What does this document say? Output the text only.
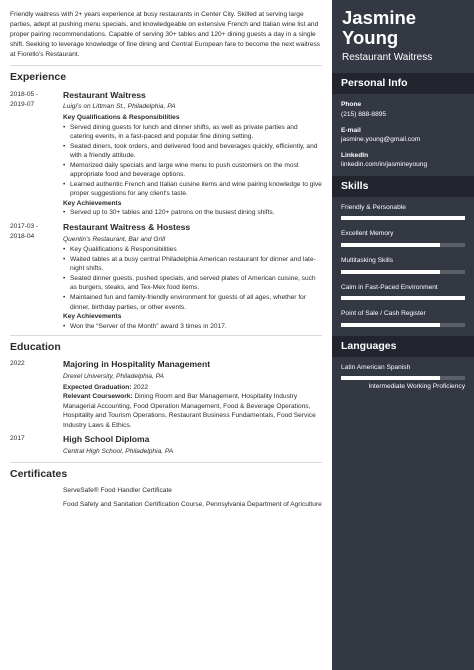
Friendly waitress with 2+ years experience at busy restaurants in Center City. Skilled at serving large parties, adept at pushing menu specials, and knowledgeable on extensive French and Italian wine list and proper pairing recommendations. Capable of serving 30+ tables and 120+ dining guests a day in a single shift. Seeking to leverage knowledge of fine dining and Central European fare to become the next waitress at Fiorello's Restaurant.

Experience
2018-05 -
2019-07
Restaurant Waitress
Luigi's on Littman St., Philadelphia, PA
Key Qualifications & Responsibilities
• Served dining guests for lunch and dinner shifts, as well as private parties and catering events, in a fast-paced and popular fine dining setting.
• Seated diners, took orders, and delivered food and beverages quickly, efficiently, and with a friendly attitude.
• Memorized daily specials and large wine menu to push customers on the most appropriate food and beverage options.
• Learned authentic French and Italian cuisine items and wine pairing knowledge to give proper suggestions for any client's taste.
Key Achievements
• Served up to 30+ tables and 120+ patrons on the busiest dining shifts.
2017-03 -
2018-04
Restaurant Waitress & Hostess
Quentin's Restaurant, Bar and Grill
• Key Qualifications & Responsibilities
• Waited tables at a busy central Philadelphia American restaurant for dinner and late-night shifts.
• Seated dinner guests, pushed specials, and served plates of American cuisine, such as burgers, steaks, and Tex-Mex food items.
• Maintained fun and family-friendly environment for guests of all ages, whether for dinner, birthday parties, or other events.
Key Achievements
• Won the “Server of the Month” award 3 times in 2017.
Education
2022	Majoring in Hospitality Management
Drexel University, Philadelphia, PA
Expected Graduation: 2022
Relevant Coursework: Dining Room and Bar Management, Hospitality Industry Managerial Accounting, Food Operation Management, Food & Beverage Operations, Hospitality and Tourism Operations, Restaurant Business Fundamentals, Food Service Industry Laws & Ethics.
2017	High School Diploma
Central High School, Philadelphia, PA
Certificates
ServeSafe® Food Handler Certificate
Food Safety and Sanitation Certification Course, Pennsylvania Department of Agriculture
Jasmine
Young
Restaurant Waitress
Personal Info
Phone
(215) 888-8895
E-mail
jasmine.young@gmail.com
LinkedIn
linkedin.com/in/jasmineyoung
Skills
Friendly & Personable
Excellent Memory
Multitasking Skills
Calm in Fast-Paced Environment
Point of Sale / Cash Register
Languages
Latin American Spanish
Intermediate Working Proficiency
